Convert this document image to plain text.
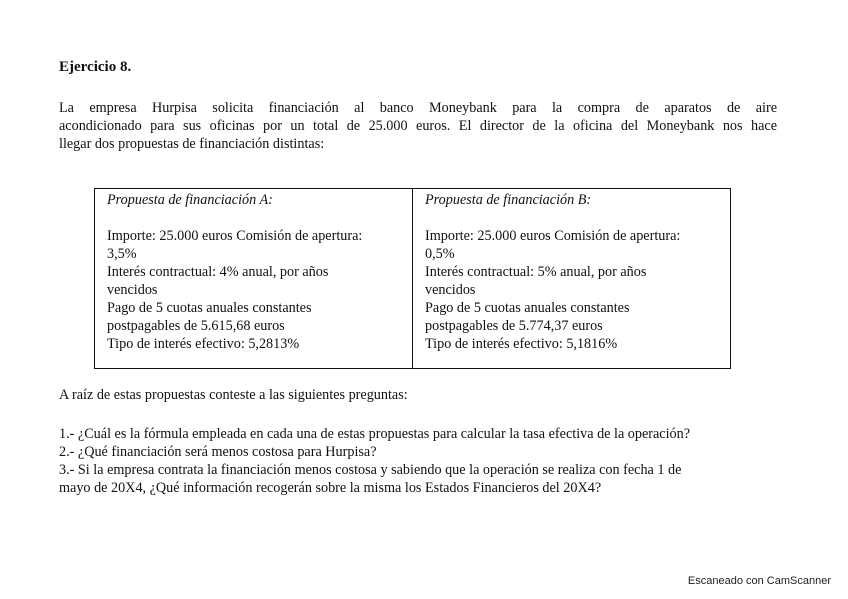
Ejercicio 8.
La empresa Hurpisa solicita financiación al banco Moneybank para la compra de aparatos de aire
acondicionado para sus oficinas por un total de 25.000 euros. El director de la oficina del Moneybank nos hace
llegar dos propuestas de financiación distintas:
Propuesta de financiación A:
Importe: 25.000 euros Comisión de apertura:
3,5%
Interés contractual: 4% anual, por años
vencidos
Pago de 5 cuotas anuales constantes
postpagables de 5.615,68 euros
Tipo de interés efectivo: 5,2813%

Propuesta de financiación B:
Importe: 25.000 euros Comisión de apertura:
0,5%
Interés contractual: 5% anual, por años
vencidos
Pago de 5 cuotas anuales constantes
postpagables de 5.774,37 euros
Tipo de interés efectivo: 5,1816%
A raíz de estas propuestas conteste a las siguientes preguntas:
1.- ¿Cuál es la fórmula empleada en cada una de estas propuestas para calcular la tasa efectiva de la operación?
2.- ¿Qué financiación será menos costosa para Hurpisa?
3.- Si la empresa contrata la financiación menos costosa y sabiendo que la operación se realiza con fecha 1 de
mayo de 20X4, ¿Qué información recogerán sobre la misma los Estados Financieros del 20X4?
Escaneado con CamScanner
